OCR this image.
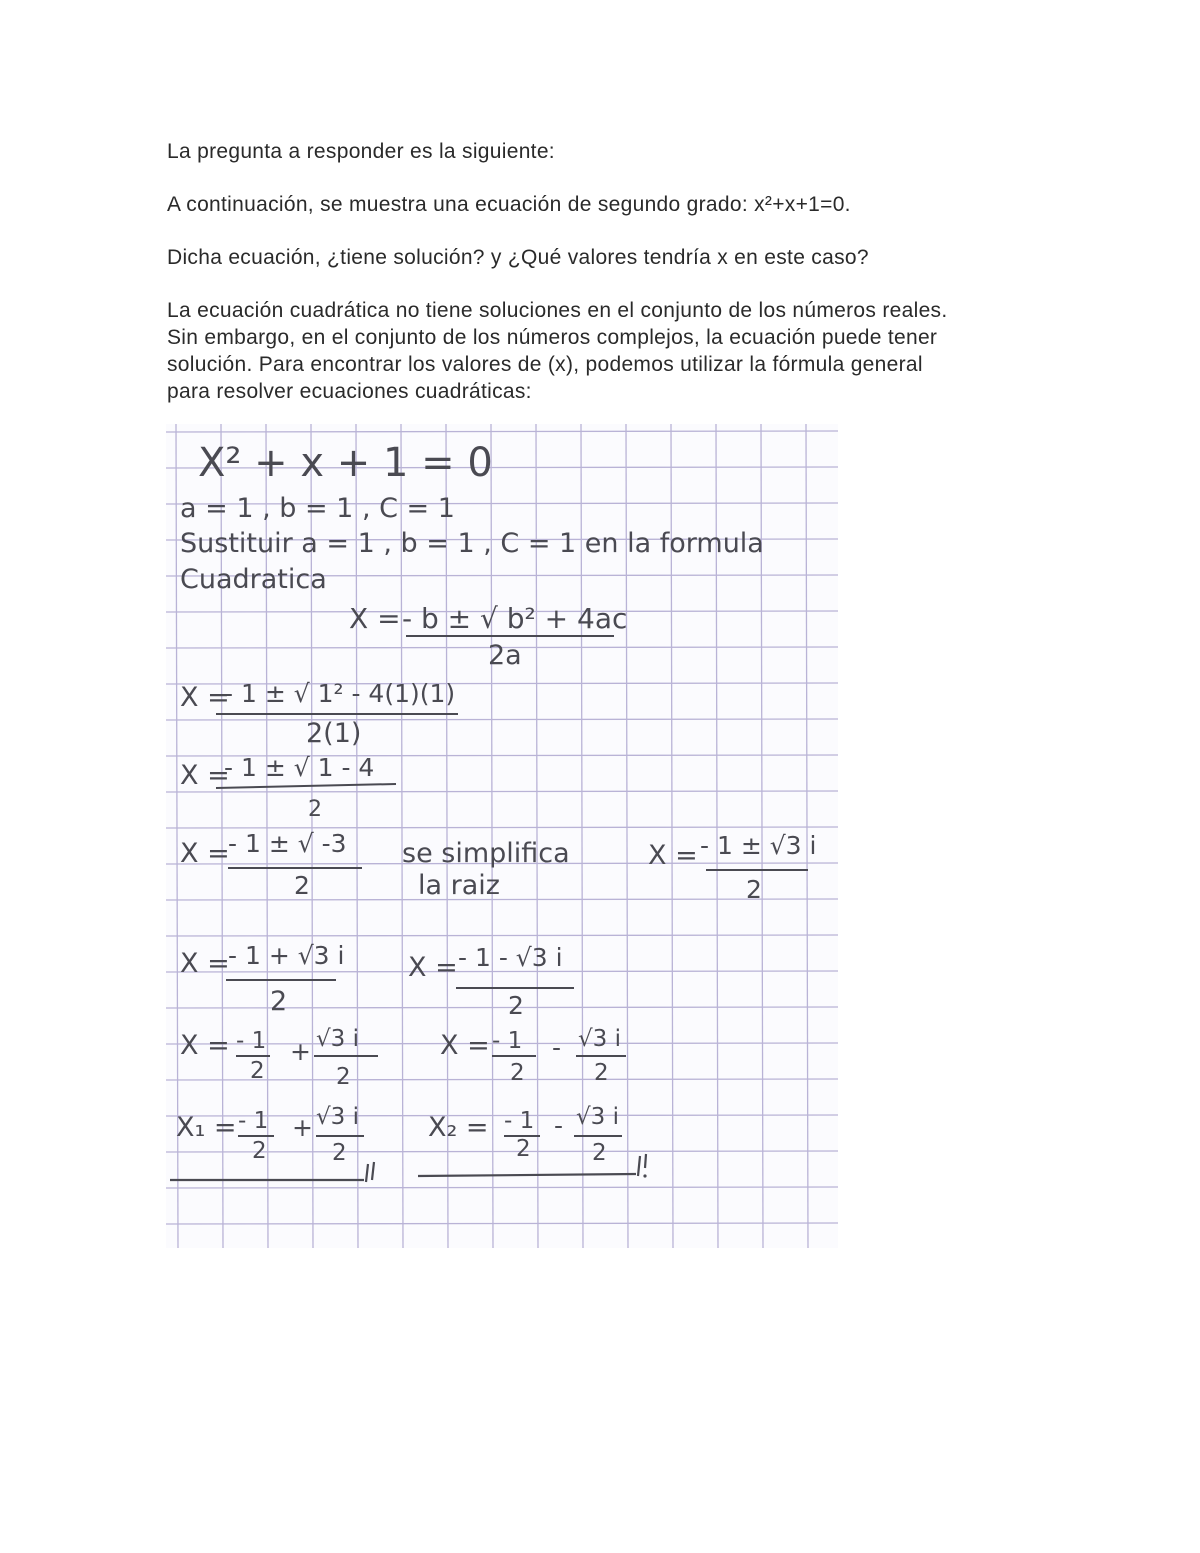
La pregunta a responder es la siguiente:

A continuación, se muestra una ecuación de segundo grado: x²+x+1=0.

Dicha ecuación, ¿tiene solución? y ¿Qué valores tendría x en este caso?

La ecuación cuadrática no tiene soluciones en el conjunto de los números reales.
Sin embargo, en el conjunto de los números complejos, la ecuación puede tener
solución. Para encontrar los valores de (x), podemos utilizar la fórmula general
para resolver ecuaciones cuadráticas:
X² + x + 1 = 0
a = 1 , b = 1 , C = 1
Sustituir a = 1 , b = 1 , C = 1 en la formula
Cuadratica
X = - b ± √ b² + 4ac
2a
X =
- 1 ± √ 1² - 4(1)(1)
2(1)
X =
- 1 ± √ 1 - 4
2
X =
- 1 ± √ -3
2
se simplifica
la raiz
X = - 1 ± √3 i
2
X =
- 1 + √3 i
2
X = - 1 - √3 i
2
X = - 1
2
+ √3 i
2
X = - 1
2
- √3 i
2
X₁ = - 1
2
+ √3 i
2
X₂ = - 1
2
- √3 i
2
